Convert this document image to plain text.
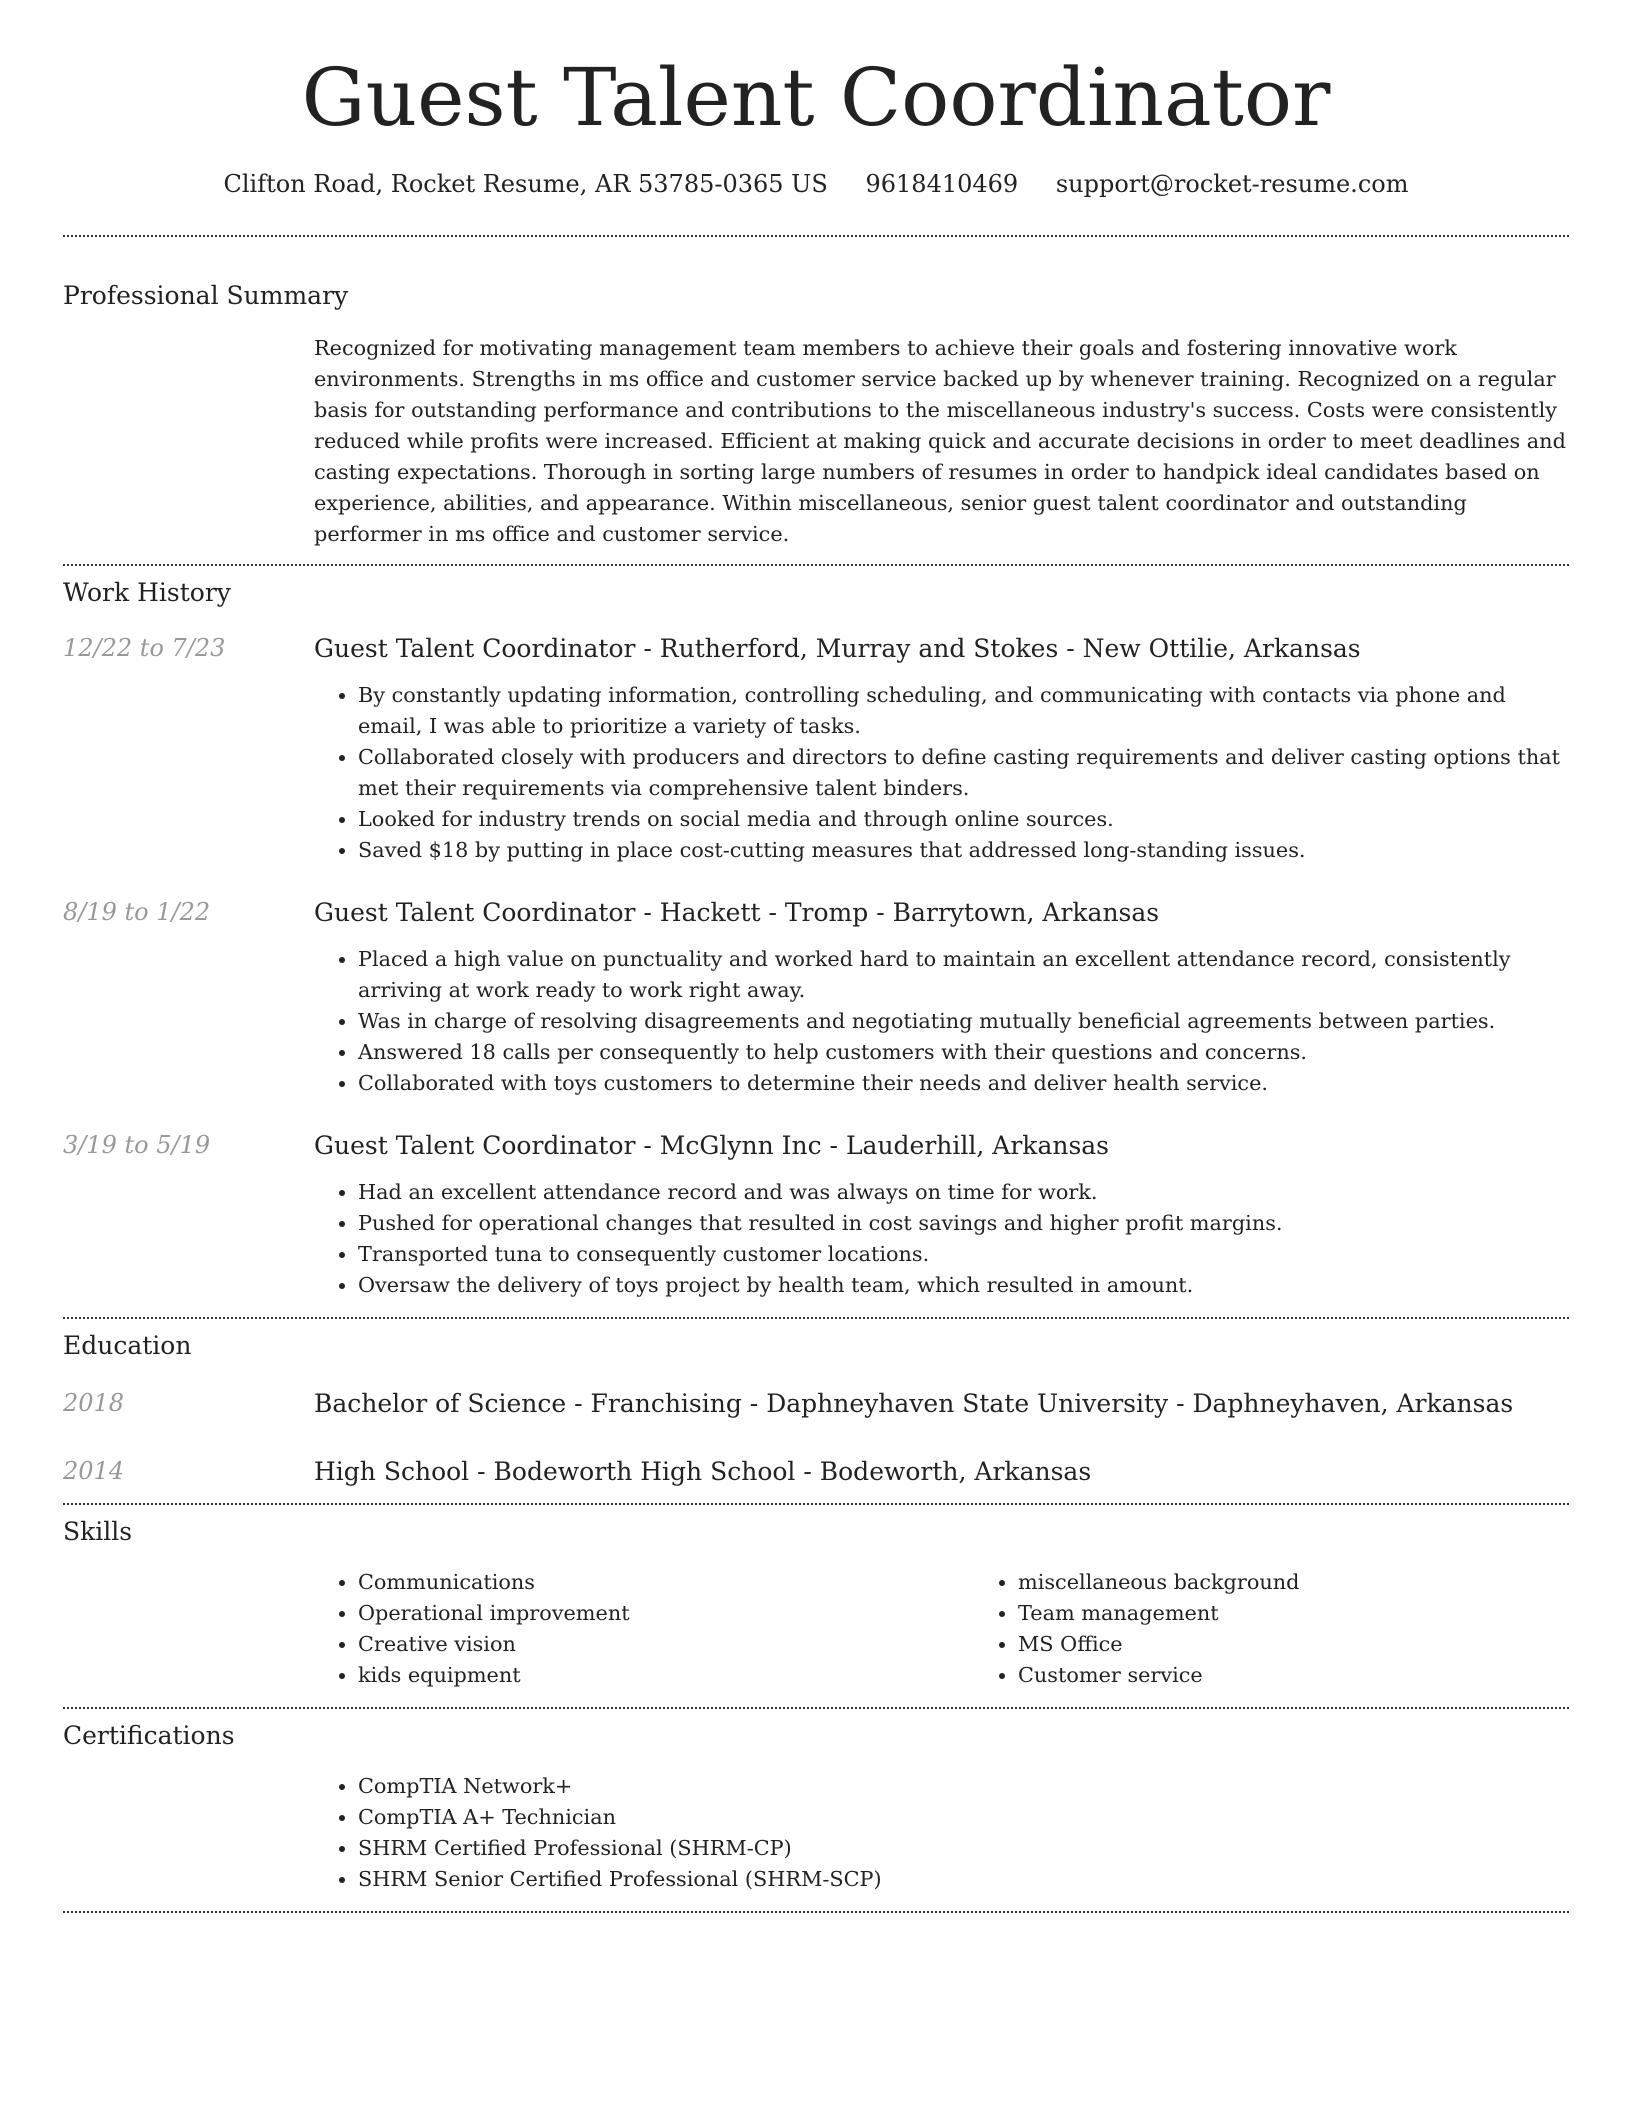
Guest Talent Coordinator
Clifton Road, Rocket Resume, AR 53785-0365 US 9618410469 support@rocket-resume.com
Professional Summary

Recognized for motivating management team members to achieve their goals and fostering innovative work environments. Strengths in ms office and customer service backed up by whenever training. Recognized on a regular basis for outstanding performance and contributions to the miscellaneous industry's success. Costs were consistently reduced while profits were increased. Efficient at making quick and accurate decisions in order to meet deadlines and casting expectations. Thorough in sorting large numbers of resumes in order to handpick ideal candidates based on experience, abilities, and appearance. Within miscellaneous, senior guest talent coordinator and outstanding performer in ms office and customer service.

Work History
12/22 to 7/23	Guest Talent Coordinator - Rutherford, Murray and Stokes - New Ottilie, Arkansas
• By constantly updating information, controlling scheduling, and communicating with contacts via phone and email, I was able to prioritize a variety of tasks.
• Collaborated closely with producers and directors to define casting requirements and deliver casting options that met their requirements via comprehensive talent binders.
• Looked for industry trends on social media and through online sources.
• Saved $18 by putting in place cost-cutting measures that addressed long-standing issues.
8/19 to 1/22	Guest Talent Coordinator - Hackett - Tromp - Barrytown, Arkansas
• Placed a high value on punctuality and worked hard to maintain an excellent attendance record, consistently arriving at work ready to work right away.
• Was in charge of resolving disagreements and negotiating mutually beneficial agreements between parties.
• Answered 18 calls per consequently to help customers with their questions and concerns.
• Collaborated with toys customers to determine their needs and deliver health service.
3/19 to 5/19	Guest Talent Coordinator - McGlynn Inc - Lauderhill, Arkansas
• Had an excellent attendance record and was always on time for work.
• Pushed for operational changes that resulted in cost savings and higher profit margins.
• Transported tuna to consequently customer locations.
• Oversaw the delivery of toys project by health team, which resulted in amount.
Education
2018	Bachelor of Science - Franchising - Daphneyhaven State University - Daphneyhaven, Arkansas
2014	High School - Bodeworth High School - Bodeworth, Arkansas
Skills
• Communications
• Operational improvement
• Creative vision
• kids equipment
• miscellaneous background
• Team management
• MS Office
• Customer service
Certifications
• CompTIA Network+
• CompTIA A+ Technician
• SHRM Certified Professional (SHRM-CP)
• SHRM Senior Certified Professional (SHRM-SCP)
